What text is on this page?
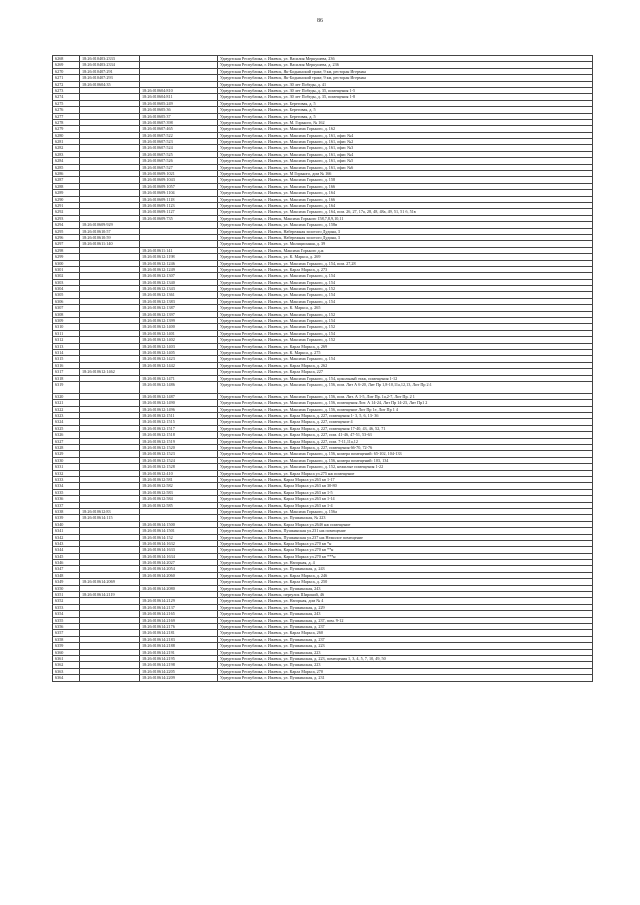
86
6268	18:26:010403:2333		Удмуртская Республика, г. Ижевск, ул. Василия Меркушева, 236
6269	18:26:010403:2334		Удмуртская Республика, г. Ижевск, ул. Василия Меркушева, д. 236
6270	18:26:010407:291		Удмуртская Республика, г. Ижевск, Як-Бодьинский тракт, 9 км, ресторан Игерман
6271	18:26:010407:293		Удмуртская Республика, г. Ижевск, Як-Бодьинский тракт, 9 км, ресторан Игерман
6272	18:26:010604:35		Удмуртская Республика, г. Ижевск, ул. 30 лет Победы, д. 41
6273		18:26:010604:810	Удмуртская Республика, г. Ижевск, ул. 30 лет Победы, д. 35, помещения 1-5
6274		18:26:010604:811	Удмуртская Республика, г. Ижевск, ул. 30 лет Победы, д. 35, помещения 1-8
6275		18:26:010605:249	Удмуртская Республика, г. Ижевск, ул. Береговая, д. 5
6276		18:26:010605:36	Удмуртская Республика, г. Ижевск, ул. Береговая, д. 5
6277		18:26:010605:37	Удмуртская Республика, г. Ижевск, ул. Береговая, д. 5
6278		18:26:010607:398	Удмуртская Республика, г. Ижевск, ул. М. Горького, № 162
6279		18:26:010607:465	Удмуртская Республика, г. Ижевск, ул. Максима Горького, д. 162
6280		18:26:010607:522	Удмуртская Республика, г. Ижевск, ул. Максима Горького, д. 161, офис №4
6281		18:26:010607:523	Удмуртская Республика, г. Ижевск, ул. Максима Горького, д. 161, офис №2
6282		18:26:010607:524	Удмуртская Республика, г. Ижевск, ул. Максима Горького, д. 161, офис №3
6283		18:26:010607:525	Удмуртская Республика, г. Ижевск, ул. Максима Горького, д. 161, офис №4
6284		18:26:010607:526	Удмуртская Республика, г. Ижевск, ул. Максима Горького, д. 161, офис №5
6285		18:26:010607:527	Удмуртская Республика, г. Ижевск, ул. Максима Горького, д. 161, офис №6
6286		18:26:010609:1021	Удмуртская Республика, г. Ижевск, ул. М Горького, дом № 166
6287		18:26:010609:1043	Удмуртская Республика, г. Ижевск, ул. Максима Горького, д. 158
6288		18:26:010609:1057	Удмуртская Республика, г. Ижевск, ул. Максима Горького, д. 166
6289		18:26:010609:1104	Удмуртская Республика, г. Ижевск, ул. Максима Горького, д. 164
6290		18:26:010609:1118	Удмуртская Республика, г. Ижевск, ул. Максима Горького, д. 166
6291		18:26:010609:1123	Удмуртская Республика, г. Ижевск, ул. Максима Горького, д. 164
6292		18:26:010609:1127	Удмуртская Республика, г. Ижевск, ул. Максима Горького, д. 164, пом. 26, 27, 17а, 28, 48, 48а, 49, 51, 51 б, 51в
6293		18:26:010609:735	Удмуртская Республика, г. Ижевск, Максима Горького 158,7,8,9,10,11
6294	18:26:010609:929		Удмуртская Республика, г. Ижевск, ул. Максима Горького, д. 158в
6295	18:26:010610:57		Удмуртская Республика, г. Ижевск, Набережная золотого Дудина, 3
6296	18:26:010610:59		Удмуртская Республика, г. Ижевск, Набережная золотого Дудина, 3
6297	18:26:010611:140		Удмуртская Республика, г. Ижевск, ул. Милиционная, д. 39
6298		18:26:010611:141	Удмуртская Республика, г. Ижевск, Максима Горького д.ж
6299		18:26:010612:1198	Удмуртская Республика, г. Ижевск, ул. К. Маркса, д. 269
6300		18:26:010612:1246	Удмуртская Республика, г. Ижевск, ул. Максима Горького, д. 154, пом. 27,28
6301		18:26:010612:1249	Удмуртская Республика, г. Ижевск, ул. Карла Маркса, д. 273
6302		18:26:010612:1307	Удмуртская Республика, г. Ижевск, ул. Максима Горького, д. 154
6303		18:26:010612:1340	Удмуртская Республика, г. Ижевск, ул. Максима Горького, д. 154
6304		18:26:010612:1343	Удмуртская Республика, г. Ижевск, ул. Максима Горького, д. 152
6305		18:26:010612:1361	Удмуртская Республика, г. Ижевск, ул. Максима Горького, д. 154
6306		18:26:010612:1383	Удмуртская Республика, г. Ижевск, ул. Максима Горького, д. 154
6307		18:26:010612:1387	Удмуртская Республика, г. Ижевск, ул. К. Маркса, д. 265
6308		18:26:010612:1397	Удмуртская Республика, г. Ижевск, ул. Максима Горького, д. 152
6309		18:26:010612:1399	Удмуртская Республика, г. Ижевск, ул. Максима Горького, д. 154
6310		18:26:010612:1400	Удмуртская Республика, г. Ижевск, ул. Максима Горького, д. 152
6311		18:26:010612:1401	Удмуртская Республика, г. Ижевск, ул. Максима Горького, д. 154
6312		18:26:010612:1402	Удмуртская Республика, г. Ижевск, ул. Максима Горького, д. 152
6313		18:26:010612:1403	Удмуртская Республика, г. Ижевск, ул. Карла Маркса, д. 269
6314		18:26:010612:1405	Удмуртская Республика, г. Ижевск, ул. К. Маркса, д. 275
6315		18:26:010612:1423	Удмуртская Республика, г. Ижевск, ул. Максима Горького, д. 154
6316		18:26:010612:1442	Удмуртская Республика, г. Ижевск, ул. Карла Маркса, д. 262
6317	18:26:010612:1462		Удмуртская Республика, г. Ижевск, ул. Карла Маркса, 227
6318		18:26:010612:1471	Удмуртская Республика, г. Ижевск, ул. Максима Горького, д. 154, цокольный этаж, помещения 1-12
6319		18:26:010612:1486	Удмуртская Республика, г. Ижевск, ул. Максима Горького, д. 156, пом. Лит А 6-20, Лит Пр 1,8-10,11а,12,13, Лит Пр 2:1
6320		18:26:010612:1487	Удмуртская Республика, г. Ижевск, ул. Максима Горького, д. 156, пом. Лит. А 1-5, Лит Пр. 1а,2-7, Лит Пр. 2 1
6321		18:26:010612:1490	Удмуртская Республика, г. Ижевск, ул. Максима Горького, д. 156, помещения Лит. А 14-24, Лит Пр 14-23, Лит Пр1 2
6322		18:26:010612:1496	Удмуртская Республика, г. Ижевск, ул. Максима Горького, д. 156, помещение Лит Пр 1е, Лит Пр 1 4
6323		18:26:010612:1511	Удмуртская Республика, г. Ижевск, ул. Карла Маркса, д. 227, помещения 1- 3, 5, 6, 13- 36
6324		18:26:010612:1515	Удмуртская Республика, г. Ижевск, ул. Карла Маркса, д. 227, помещение 4
6325		18:26:010612:1517	Удмуртская Республика, г. Ижевск, ул. Карла Маркса, д. 227, помещения 17-40, 43, 46, 52, 71
6326		18:26:010612:1518	Удмуртская Республика, г. Ижевск, ул. Карла Маркса, д. 227, пом. 41-46, 47-51, 53-63
6327		18:26:010612:1519	Удмуртская Республика, г. Ижевск, ул. Карла Маркса, д. 227, пом. 7-11,11а,12
6328		18:26:010612:1520	Удмуртская Республика, г. Ижевск, ул. Карла Маркса, д. 227, помещения 66-70, 72-76
6329		18:26:010612:1523	Удмуртская Республика, г. Ижевск, ул. Максима Горького, д. 156, номера помещений: 65-102, 104-133
6330		18:26:010612:1524	Удмуртская Республика, г. Ижевск, ул. Максима Горького, д. 156, номера помещений: 103, 134
6331		18:26:010612:1528	Удмуртская Республика, г. Ижевск, ул. Максима Горького, д. 152, нежилые помещения 1-22
6332		18:26:010612:410	Удмуртская Республика, г. Ижевск, ул. Карла Маркса ул.275 нж помещение
6333		18:26:010612:581	Удмуртская Республика, г. Ижевск, Карла Маркса ул.263 кв 1-17
6334		18:26:010612:582	Удмуртская Республика, г. Ижевск, Карла Маркса ул.263 кв 30-80
6335		18:26:010612:583	Удмуртская Республика, г. Ижевск, Карла Маркса ул.263 кв 1-5
6336		18:26:010612:584	Удмуртская Республика, г. Ижевск, Карла Маркса ул.263 кв 1-14
6337		18:26:010612:585	Удмуртская Республика, г. Ижевск, Карла Маркса ул.263 кв 1-4
6338	18:26:010612:83		Удмуртская Республика, г. Ижевск, ул. Максима Горького, д. 156а
6339	18:26:010614:115		Удмуртская Республика, г. Ижевск, ул. Пушкинская, № 223
6340		18:26:010614:1500	Удмуртская Республика, г. Ижевск, Карла Маркса ул.264б нж помещение
6341		18:26:010614:1501	Удмуртская Республика, г. Ижевск, Пушкинская ул.231 нж помещение
6342		18:26:010614:152	Удмуртская Республика, г. Ижевск, Пушкинская ул.237 нж Нежилое помещение
6343		18:26:010614:1632	Удмуртская Республика, г. Ижевск, Карла Маркса ул.270 кв *н
6344		18:26:010614:1633	Удмуртская Республика, г. Ижевск, Карла Маркса ул.270 кв **н
6345		18:26:010614:1634	Удмуртская Республика, г. Ижевск, Карла Маркса ул.270 кв ***н
6346		18:26:010614:2027	Удмуртская Республика, г. Ижевск, ул. Нагорная, д. 4
6347		18:26:010614:2054	Удмуртская Республика, г. Ижевск, ул. Пушкинская, д. 243
6348		18:26:010614:2060	Удмуртская Республика, г. Ижевск, ул. Карла Маркса, д. 246
6349	18:26:010614:2069		Удмуртская Республика, г. Ижевск, ул. Карла Маркса, д. 250
6350		18:26:010614:2080	Удмуртская Республика, г. Ижевск, ул. Пушкинская, 243
6351	18:26:010614:2119		Удмуртская Республика, г. Ижевск, переулок Широкий, 46
6352		18:26:010614:2129	Удмуртская Республика, г. Ижевск, ул. Нагорная, дом № 4
6353		18:26:010614:2137	Удмуртская Республика, г. Ижевск, ул. Пушкинская, д. 229
6354		18:26:010614:2165	Удмуртская Республика, г. Ижевск, ул. Пушкинская, 243
6355		18:26:010614:2169	Удмуртская Республика, г. Ижевск, ул. Пушкинская, д. 237, пом. 9-12
6356		18:26:010614:2176	Удмуртская Республика, г. Ижевск, ул. Пушкинская, д. 237
6357		18:26:010614:2181	Удмуртская Республика, г. Ижевск, ул. Карла Маркса, 260
6358		18:26:010614:2183	Удмуртская Республика, г. Ижевск, ул. Пушкинская, д. 237
6359		18:26:010614:2188	Удмуртская Республика, г. Ижевск, ул. Пушкинская, д. 223
6360		18:26:010614:2191	Удмуртская Республика, г. Ижевск, ул. Пушкинская, 223
6361		18:26:010614:2195	Удмуртская Республика, г. Ижевск, ул. Пушкинская, д. 223, помещения 1, 3, 4, 5, 7, 10, 49, 50
6362		18:26:010614:2198	Удмуртская Республика, г. Ижевск, ул. Пушкинская, 223
6363		18:26:010614:2205	Удмуртская Республика, г. Ижевск, ул. Карла Маркса, 270
6364		18:26:010614:2209	Удмуртская Республика, г. Ижевск, ул. Пушкинская, д. 231
